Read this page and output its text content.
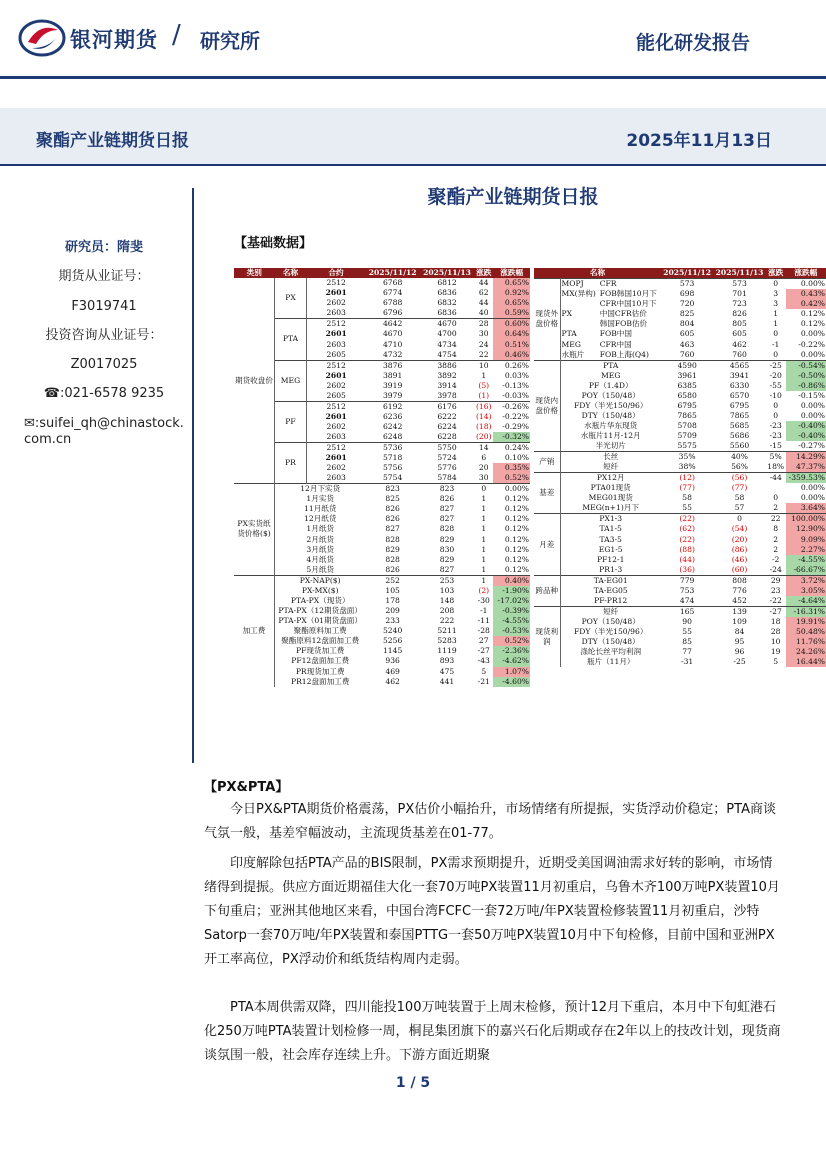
银河期货 / 研究所	能化研发报告
聚酯产业链期货日报	2025年11月13日
研究员：隋斐
期货从业证号：
F3019741
投资咨询从业证号：
Z0017025
☎:021-6578 9235
✉:suifei_qh@chinastock.com.cn
聚酯产业链期货日报
【基础数据】
类别	名称	合约	2025/11/12	2025/11/13	涨跌	涨跌幅
期货收盘价	PX	2512	6768	6812	44	0.65%
		2601	6774	6836	62	0.92%
		2602	6788	6832	44	0.65%
		2603	6796	6836	40	0.59%
	PTA	2512	4642	4670	28	0.60%
		2601	4670	4700	30	0.64%
		2603	4710	4734	24	0.51%
		2605	4732	4754	22	0.46%
	MEG	2512	3876	3886	10	0.26%
		2601	3891	3892	1	0.03%
		2602	3919	3914	(5)	-0.13%
		2605	3979	3978	(1)	-0.03%
	PF	2512	6192	6176	(16)	-0.26%
		2601	6236	6222	(14)	-0.22%
		2602	6242	6224	(18)	-0.29%
		2603	6248	6228	(20)	-0.32%
	PR	2512	5736	5750	14	0.24%
		2601	5718	5724	6	0.10%
		2602	5756	5776	20	0.35%
		2603	5754	5784	30	0.52%
PX实货纸货价格($)	12月下实货		823	823	0	0.00%
	1月实货		825	826	1	0.12%
	11月纸货		826	827	1	0.12%
	12月纸货		826	827	1	0.12%
	1月纸货		827	828	1	0.12%
	2月纸货		828	829	1	0.12%
	3月纸货		829	830	1	0.12%
	4月纸货		828	829	1	0.12%
	5月纸货		826	827	1	0.12%
加工费	PX-NAP($)		252	253	1	0.40%
	PX-MX($)		105	103	(2)	-1.90%
	PTA-PX（现货）		178	148	-30	-17.02%
	PTA-PX（12期货盘面）		209	208	-1	-0.39%
	PTA-PX（01期货盘面）		233	222	-11	-4.55%
	聚酯原料加工费		5240	5211	-28	-0.53%
	聚酯原料12盘面加工费		5256	5283	27	0.52%
	PF现货加工费		1145	1119	-27	-2.36%
	PF12盘面加工费		936	893	-43	-4.62%
	PR现货加工费		469	475	5	1.07%
	PR12盘面加工费		462	441	-21	-4.60%
名称			2025/11/12	2025/11/13	涨跌	涨跌幅
现货外盘价格	MOPJ	CFR	573	573	0	0.00%
	MX(异构)	FOB韩国10月下	698	701	3	0.43%
		CFR中国10月下	720	723	3	0.42%
	PX	中国CFR估价	825	826	1	0.12%
		韩国FOB估价	804	805	1	0.12%
	PTA	FOB中国	605	605	0	0.00%
	MEG	CFR中国	463	462	-1	-0.22%
	水瓶片	FOB上海(Q4)	760	760	0	0.00%
现货内盘价格	PTA		4590	4565	-25	-0.54%
	MEG		3961	3941	-20	-0.50%
	PF（1.4D）		6385	6330	-55	-0.86%
	POY（150/48）		6580	6570	-10	-0.15%
	FDY（半光150/96）		6795	6795	0	0.00%
	DTY（150/48）		7865	7865	0	0.00%
	水瓶片华东现货		5708	5685	-23	-0.40%
	水瓶片11月-12月		5709	5686	-23	-0.40%
	半光切片		5575	5560	-15	-0.27%
产销	长丝		35%	40%	5%	14.29%
	短纤		38%	56%	18%	47.37%
基差	PX12月		(12)	(56)	-44	-359.53%
	PTA01现货		(77)	(77)		0.00%
	MEG01现货		58	58	0	0.00%
	MEG(n+1)月下		55	57	2	3.64%
月差	PX1-3		(22)	0	22	100.00%
	TA1-5		(62)	(54)	8	12.90%
	TA3-5		(22)	(20)	2	9.09%
	EG1-5		(88)	(86)	2	2.27%
	PF12-1		(44)	(46)	-2	-4.55%
	PR1-3		(36)	(60)	-24	-66.67%
跨品种	TA-EG01		779	808	29	3.72%
	TA-EG05		753	776	23	3.05%
	PF-PR12		474	452	-22	-4.64%
现货利润	短纤		165	139	-27	-16.31%
	POY（150/48）		90	109	18	19.91%
	FDY（半光150/96）		55	84	28	50.48%
	DTY（150/48）		85	95	10	11.76%
	涤纶长丝平均利润		77	96	19	24.26%
	瓶片（11月）		-31	-25	5	16.44%
【PX&PTA】
今日PX&PTA期货价格震荡，PX估价小幅抬升，市场情绪有所提振，实货浮动价稳定；PTA商谈气氛一般，基差窄幅波动，主流现货基差在01-77。
印度解除包括PTA产品的BIS限制，PX需求预期提升，近期受美国调油需求好转的影响，市场情绪得到提振。供应方面近期福佳大化一套70万吨PX装置11月初重启，乌鲁木齐100万吨PX装置10月下旬重启；亚洲其他地区来看，中国台湾FCFC一套72万吨/年PX装置检修装置11月初重启，沙特Satorp一套70万吨/年PX装置和泰国PTTG一套50万吨PX装置10月中下旬检修，目前中国和亚洲PX开工率高位，PX浮动价和纸货结构周内走弱。
PTA本周供需双降，四川能投100万吨装置于上周末检修，预计12月下重启，本月中下旬虹港石化250万吨PTA装置计划检修一周，桐昆集团旗下的嘉兴石化后期或存在2年以上的技改计划，现货商谈氛围一般，社会库存连续上升。下游方面近期聚
1 / 5
